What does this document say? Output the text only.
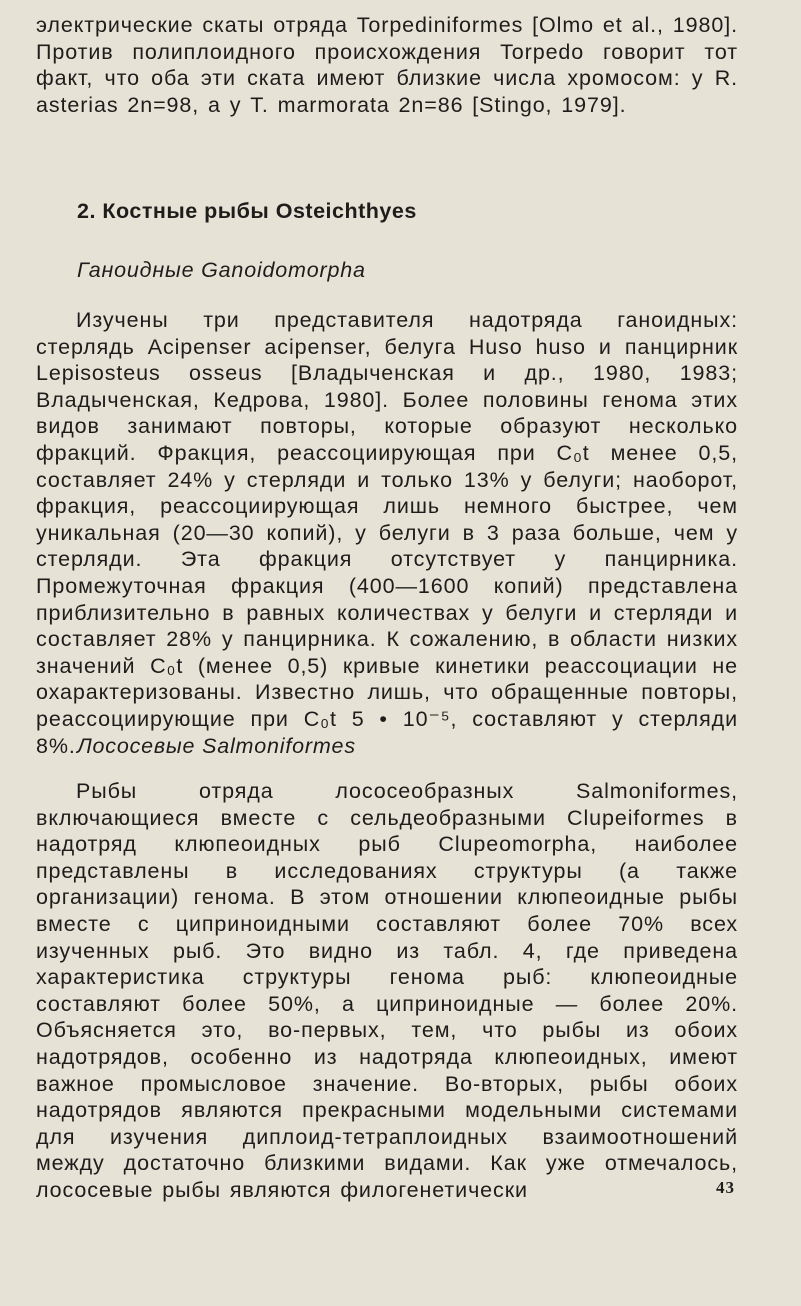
электрические скаты отряда Torpediniformes [Olmo et al., 1980]. Против полиплоидного происхождения Torpedo говорит тот факт, что оба эти ската имеют близкие числа хромосом: у R. asterias 2n=98, а у T. marmorata 2n=86 [Stingo, 1979].

2. Костные рыбы Osteichthyes
Ганоидные Ganoidomorpha

Изучены три представителя надотряда ганоидных: стерлядь Acipenser acipenser, белуга Huso huso и панцирник Lepisosteus osseus [Владыченская и др., 1980, 1983; Владыченская, Кедрова, 1980]. Более половины генома этих видов занимают повторы, которые образуют несколько фракций. Фракция, реассоциирующая при C₀t менее 0,5, составляет 24% у стерляди и только 13% у белуги; наоборот, фракция, реассоциирующая лишь немного быстрее, чем уникальная (20—30 копий), у белуги в 3 раза больше, чем у стерляди. Эта фракция отсутствует у панцирника. Промежуточная фракция (400—1600 копий) представлена приблизительно в равных количествах у белуги и стерляди и составляет 28% у панцирника. К сожалению, в области низких значений C₀t (менее 0,5) кривые кинетики реассоциации не охарактеризованы. Известно лишь, что обращенные повторы, реассоциирующие при C₀t 5 • 10⁻⁵, составляют у стерляди 8%. Лососевые Salmoniformes

Рыбы отряда лососеобразных Salmoniformes, включающиеся вместе с сельдеобразными Clupeiformes в надотряд клюпеоидных рыб Clupeomorpha, наиболее представлены в исследованиях структуры (а также организации) генома. В этом отношении клюпеоидные рыбы вместе с циприноидными составляют более 70% всех изученных рыб. Это видно из табл. 4, где приведена характеристика структуры генома рыб: клюпеоидные составляют более 50%, а циприноидные — более 20%. Объясняется это, во-первых, тем, что рыбы из обоих надотрядов, особенно из надотряда клюпеоидных, имеют важное промысловое значение. Во-вторых, рыбы обоих надотрядов являются прекрасными модельными системами для изучения диплоид-тетраплоидных взаимоотношений между достаточно близкими видами. Как уже отмечалось, лососевые рыбы являются филогенетически	43
